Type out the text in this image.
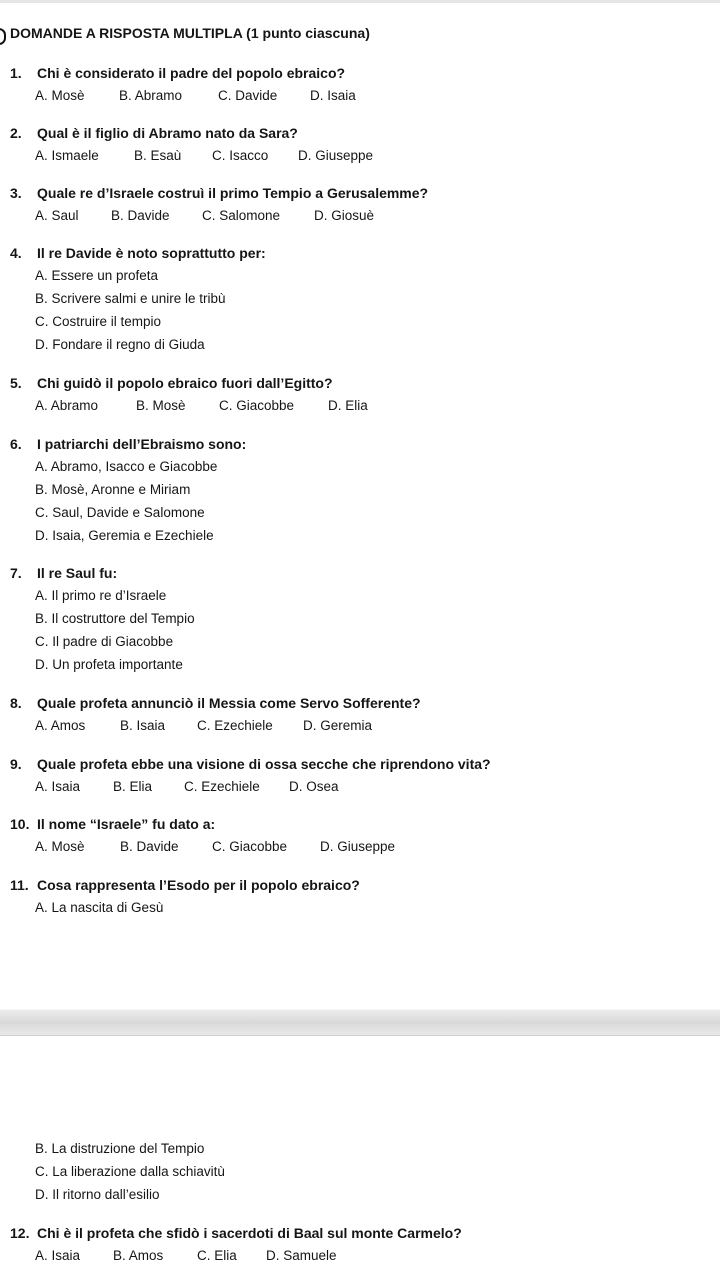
DOMANDE A RISPOSTA MULTIPLA (1 punto ciascuna)
1. Chi è considerato il padre del popolo ebraico?
A. Mosè	B. Abramo	C. Davide D. Isaia
2. Qual è il figlio di Abramo nato da Sara?
A. Ismaele	B. Esaù C. Isacco D. Giuseppe
3. Quale re d’Israele costruì il primo Tempio a Gerusalemme?
A. Saul B. Davide C. Salomone	D. Giosuè
4. Il re Davide è noto soprattutto per:
A. Essere un profeta
B. Scrivere salmi e unire le tribù
C. Costruire il tempio
D. Fondare il regno di Giuda
5. Chi guidò il popolo ebraico fuori dall’Egitto?
A. Abramo	B. Mosè C. Giacobbe	D. Elia
6. I patriarchi dell’Ebraismo sono:
A. Abramo, Isacco e Giacobbe
B. Mosè, Aronne e Miriam
C. Saul, Davide e Salomone
D. Isaia, Geremia e Ezechiele
7. Il re Saul fu:
A. Il primo re d’Israele
B. Il costruttore del Tempio
C. Il padre di Giacobbe
D. Un profeta importante
8. Quale profeta annunciò il Messia come Servo Sofferente?
A. Amos	B. Isaia C. Ezechiele D. Geremia
9. Quale profeta ebbe una visione di ossa secche che riprendono vita?
A. Isaia B. Elia C. Ezechiele D. Osea
10. Il nome “Israele” fu dato a:
A. Mosè	B. Davide C. Giacobbe D. Giuseppe
11. Cosa rappresenta l’Esodo per il popolo ebraico?
A. La nascita di Gesù
B. La distruzione del Tempio
C. La liberazione dalla schiavitù
D. Il ritorno dall’esilio
12. Chi è il profeta che sfidò i sacerdoti di Baal sul monte Carmelo?
A. Isaia B. Amos C. Elia D. Samuele
